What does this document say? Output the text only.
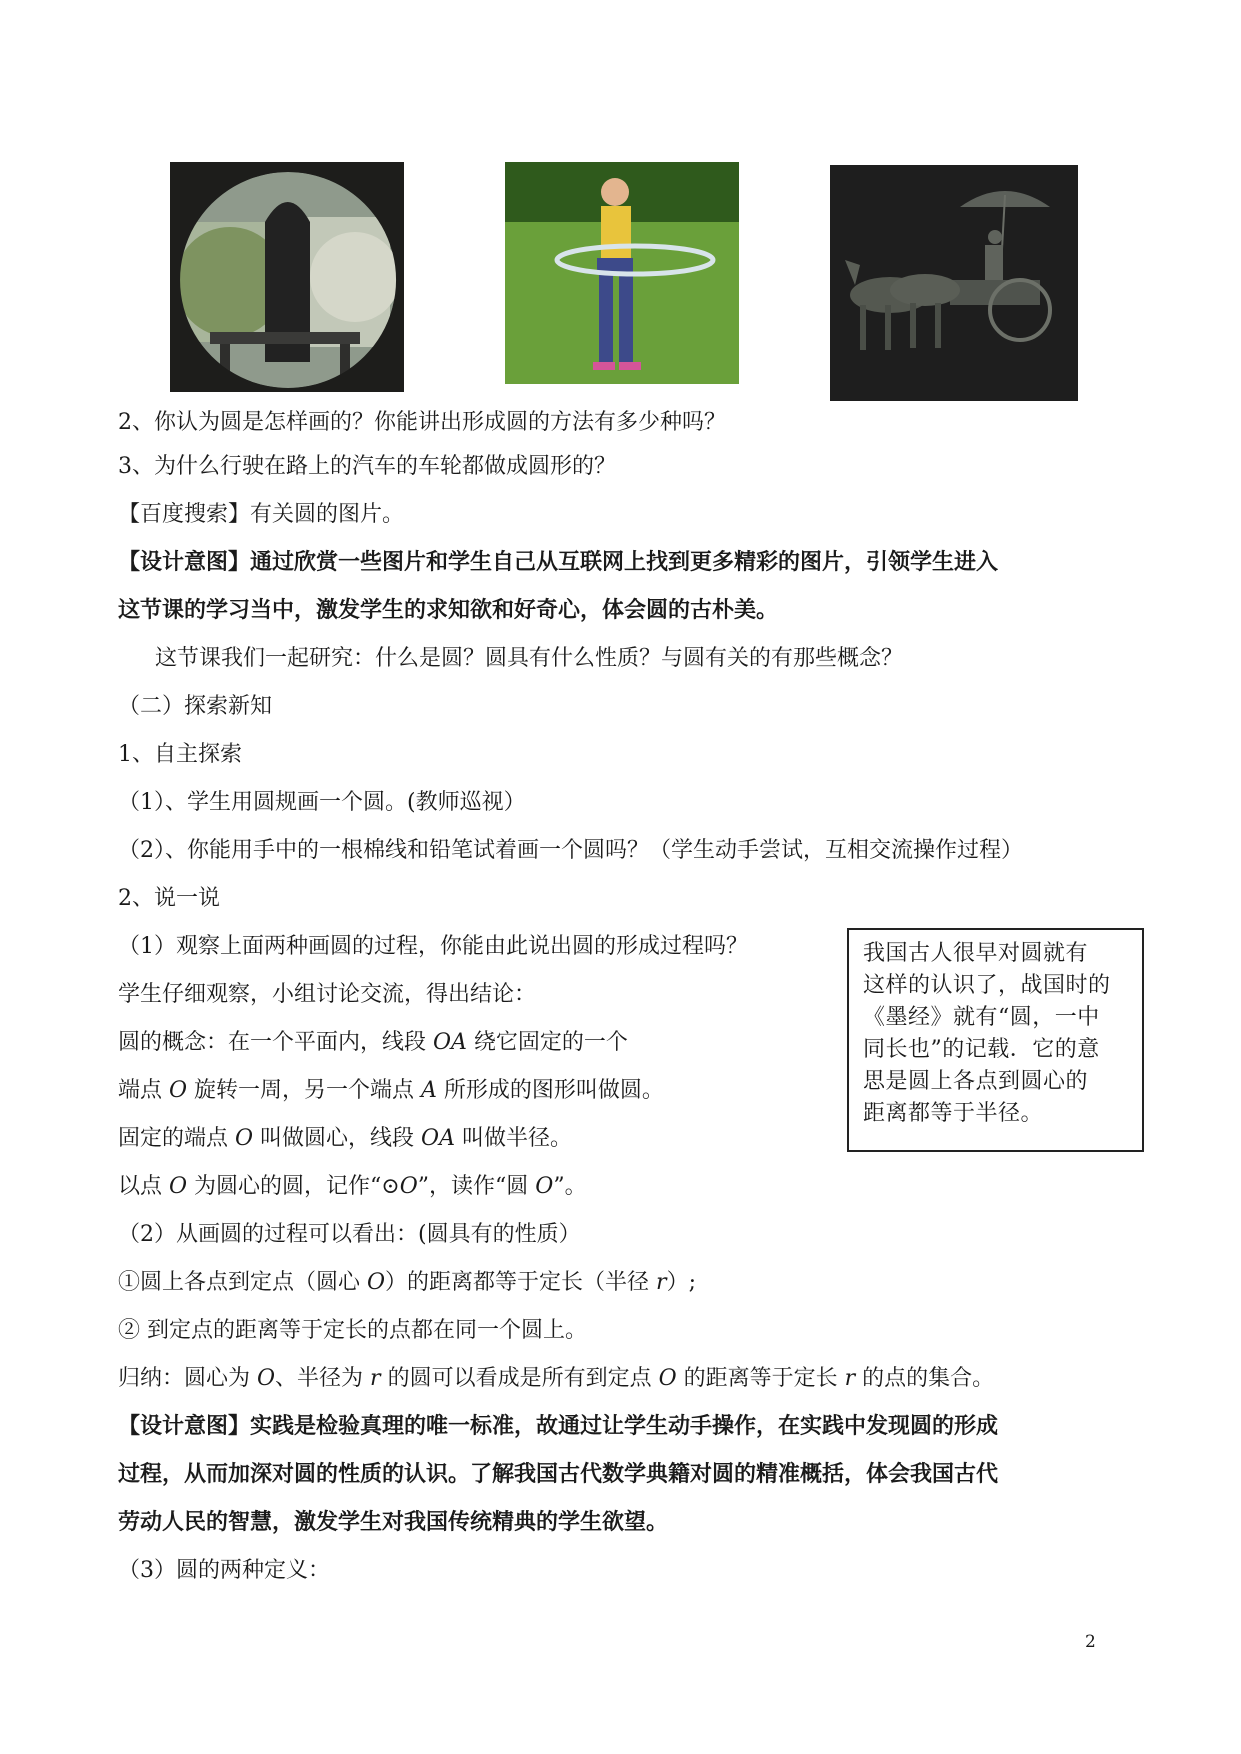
2、你认为圆是怎样画的？你能讲出形成圆的方法有多少种吗？
3、为什么行驶在路上的汽车的车轮都做成圆形的？
【百度搜索】有关圆的图片。
【设计意图】通过欣赏一些图片和学生自己从互联网上找到更多精彩的图片，引领学生进入
这节课的学习当中，激发学生的求知欲和好奇心，体会圆的古朴美。
这节课我们一起研究：什么是圆？圆具有什么性质？与圆有关的有那些概念？
（二）探索新知
1、自主探索
（1）、学生用圆规画一个圆。(教师巡视）
（2）、你能用手中的一根棉线和铅笔试着画一个圆吗？（学生动手尝试，互相交流操作过程）
2、说一说
（1）观察上面两种画圆的过程，你能由此说出圆的形成过程吗？
学生仔细观察，小组讨论交流，得出结论：
圆的概念：在一个平面内，线段 OA 绕它固定的一个
端点 O 旋转一周，另一个端点 A 所形成的图形叫做圆。
固定的端点 O 叫做圆心，线段 OA 叫做半径。
以点 O 为圆心的圆，记作“⊙O”，读作“圆 O”。
（2）从画圆的过程可以看出：(圆具有的性质）
①圆上各点到定点（圆心 O）的距离都等于定长（半径 r）;
② 到定点的距离等于定长的点都在同一个圆上。
归纳：圆心为 O、半径为 r 的圆可以看成是所有到定点 O 的距离等于定长 r 的点的集合。
【设计意图】实践是检验真理的唯一标准，故通过让学生动手操作，在实践中发现圆的形成
过程，从而加深对圆的性质的认识。了解我国古代数学典籍对圆的精准概括，体会我国古代
劳动人民的智慧，激发学生对我国传统精典的学生欲望。
（3）圆的两种定义：
我国古人很早对圆就有
这样的认识了，战国时的
《墨经》就有“圆，一中
同长也”的记载．它的意
思是圆上各点到圆心的
距离都等于半径。
2
